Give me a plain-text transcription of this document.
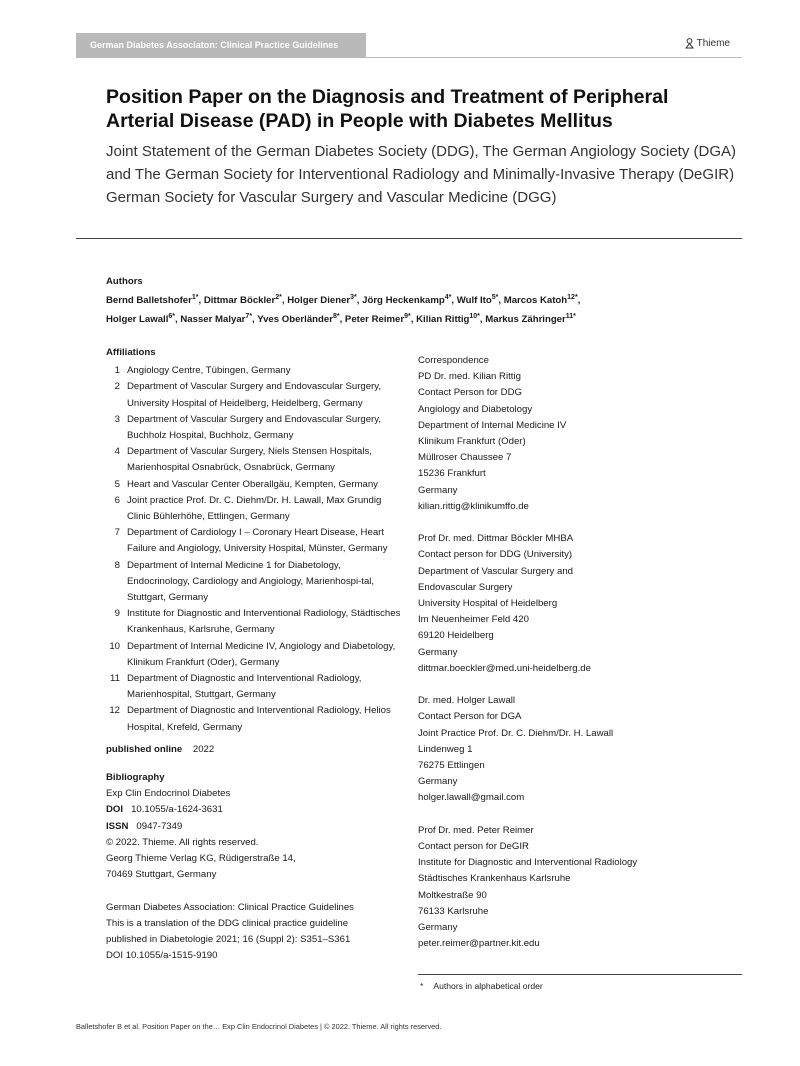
German Diabetes Associaton: Clinical Practice Guidelines	Thieme
Position Paper on the Diagnosis and Treatment of Peripheral Arterial Disease (PAD) in People with Diabetes Mellitus
Joint Statement of the German Diabetes Society (DDG), The German Angiology Society (DGA) and The German Society for Interventional Radiology and Minimally-Invasive Therapy (DeGIR) German Society for Vascular Surgery and Vascular Medicine (DGG)
Authors
Bernd Balletshofer$^{1*}$, Dittmar Böckler$^{2*}$, Holger Diener$^{3*}$, Jörg Heckenkamp$^{4*}$, Wulf Ito$^{5*}$, Marcos Katoh$^{12*}$,
Holger Lawall$^{6*}$, Nasser Malyar$^{7*}$, Yves Oberländer$^{8*}$, Peter Reimer$^{9*}$, Kilian Rittig$^{10*}$, Markus Zähringer$^{11*}$
Affiliations
1 Angiology Centre, Tübingen, Germany
2 Department of Vascular Surgery and Endovascular Surgery, University Hospital of Heidelberg, Heidelberg, Germany
3 Department of Vascular Surgery and Endovascular Surgery, Buchholz Hospital, Buchholz, Germany
4 Department of Vascular Surgery, Niels Stensen Hospitals, Marienhospital Osnabrück, Osnabrück, Germany
5 Heart and Vascular Center Oberallgäu, Kempten, Germany
6 Joint practice Prof. Dr. C. Diehm/Dr. H. Lawall, Max Grundig Clinic Bühlerhöhe, Ettlingen, Germany
7 Department of Cardiology I – Coronary Heart Disease, Heart Failure and Angiology, University Hospital, Münster, Germany
8 Department of Internal Medicine 1 for Diabetology, Endocrinology, Cardiology and Angiology, Marienhospi-tal, Stuttgart, Germany
9 Institute for Diagnostic and Interventional Radiology, Städtisches Krankenhaus, Karlsruhe, Germany
10 Department of Internal Medicine IV, Angiology and Diabetology, Klinikum Frankfurt (Oder), Germany
11 Department of Diagnostic and Interventional Radiology, Marienhospital, Stuttgart, Germany
12 Department of Diagnostic and Interventional Radiology, Helios Hospital, Krefeld, Germany
published online 2022
Bibliography
Exp Clin Endocrinol Diabetes
DOI 10.1055/a-1624-3631
ISSN 0947-7349
© 2022. Thieme. All rights reserved.
Georg Thieme Verlag KG, Rüdigerstraße 14,
70469 Stuttgart, Germany
German Diabetes Association: Clinical Practice Guidelines
This is a translation of the DDG clinical practice guideline
published in Diabetologie 2021; 16 (Suppl 2): S351–S361
DOI 10.1055/a-1515-9190
Correspondence
PD Dr. med. Kilian Rittig
Contact Person for DDG
Angiology and Diabetology
Department of Internal Medicine IV
Klinikum Frankfurt (Oder)
Müllroser Chaussee 7
15236 Frankfurt
Germany
kilian.rittig@klinikumffo.de
Prof Dr. med. Dittmar Böckler MHBA
Contact person for DDG (University)
Department of Vascular Surgery and
Endovascular Surgery
University Hospital of Heidelberg
Im Neuenheimer Feld 420
69120 Heidelberg
Germany
dittmar.boeckler@med.uni-heidelberg.de
Dr. med. Holger Lawall
Contact Person for DGA
Joint Practice Prof. Dr. C. Diehm/Dr. H. Lawall
Lindenweg 1
76275 Ettlingen
Germany
holger.lawall@gmail.com
Prof Dr. med. Peter Reimer
Contact person for DeGIR
Institute for Diagnostic and Interventional Radiology
Städtisches Krankenhaus Karlsruhe
Moltkestraße 90
76133 Karlsruhe
Germany
peter.reimer@partner.kit.edu
* Authors in alphabetical order
Balletshofer B et al. Position Paper on the… Exp Clin Endocrinol Diabetes | © 2022. Thieme. All rights reserved.
